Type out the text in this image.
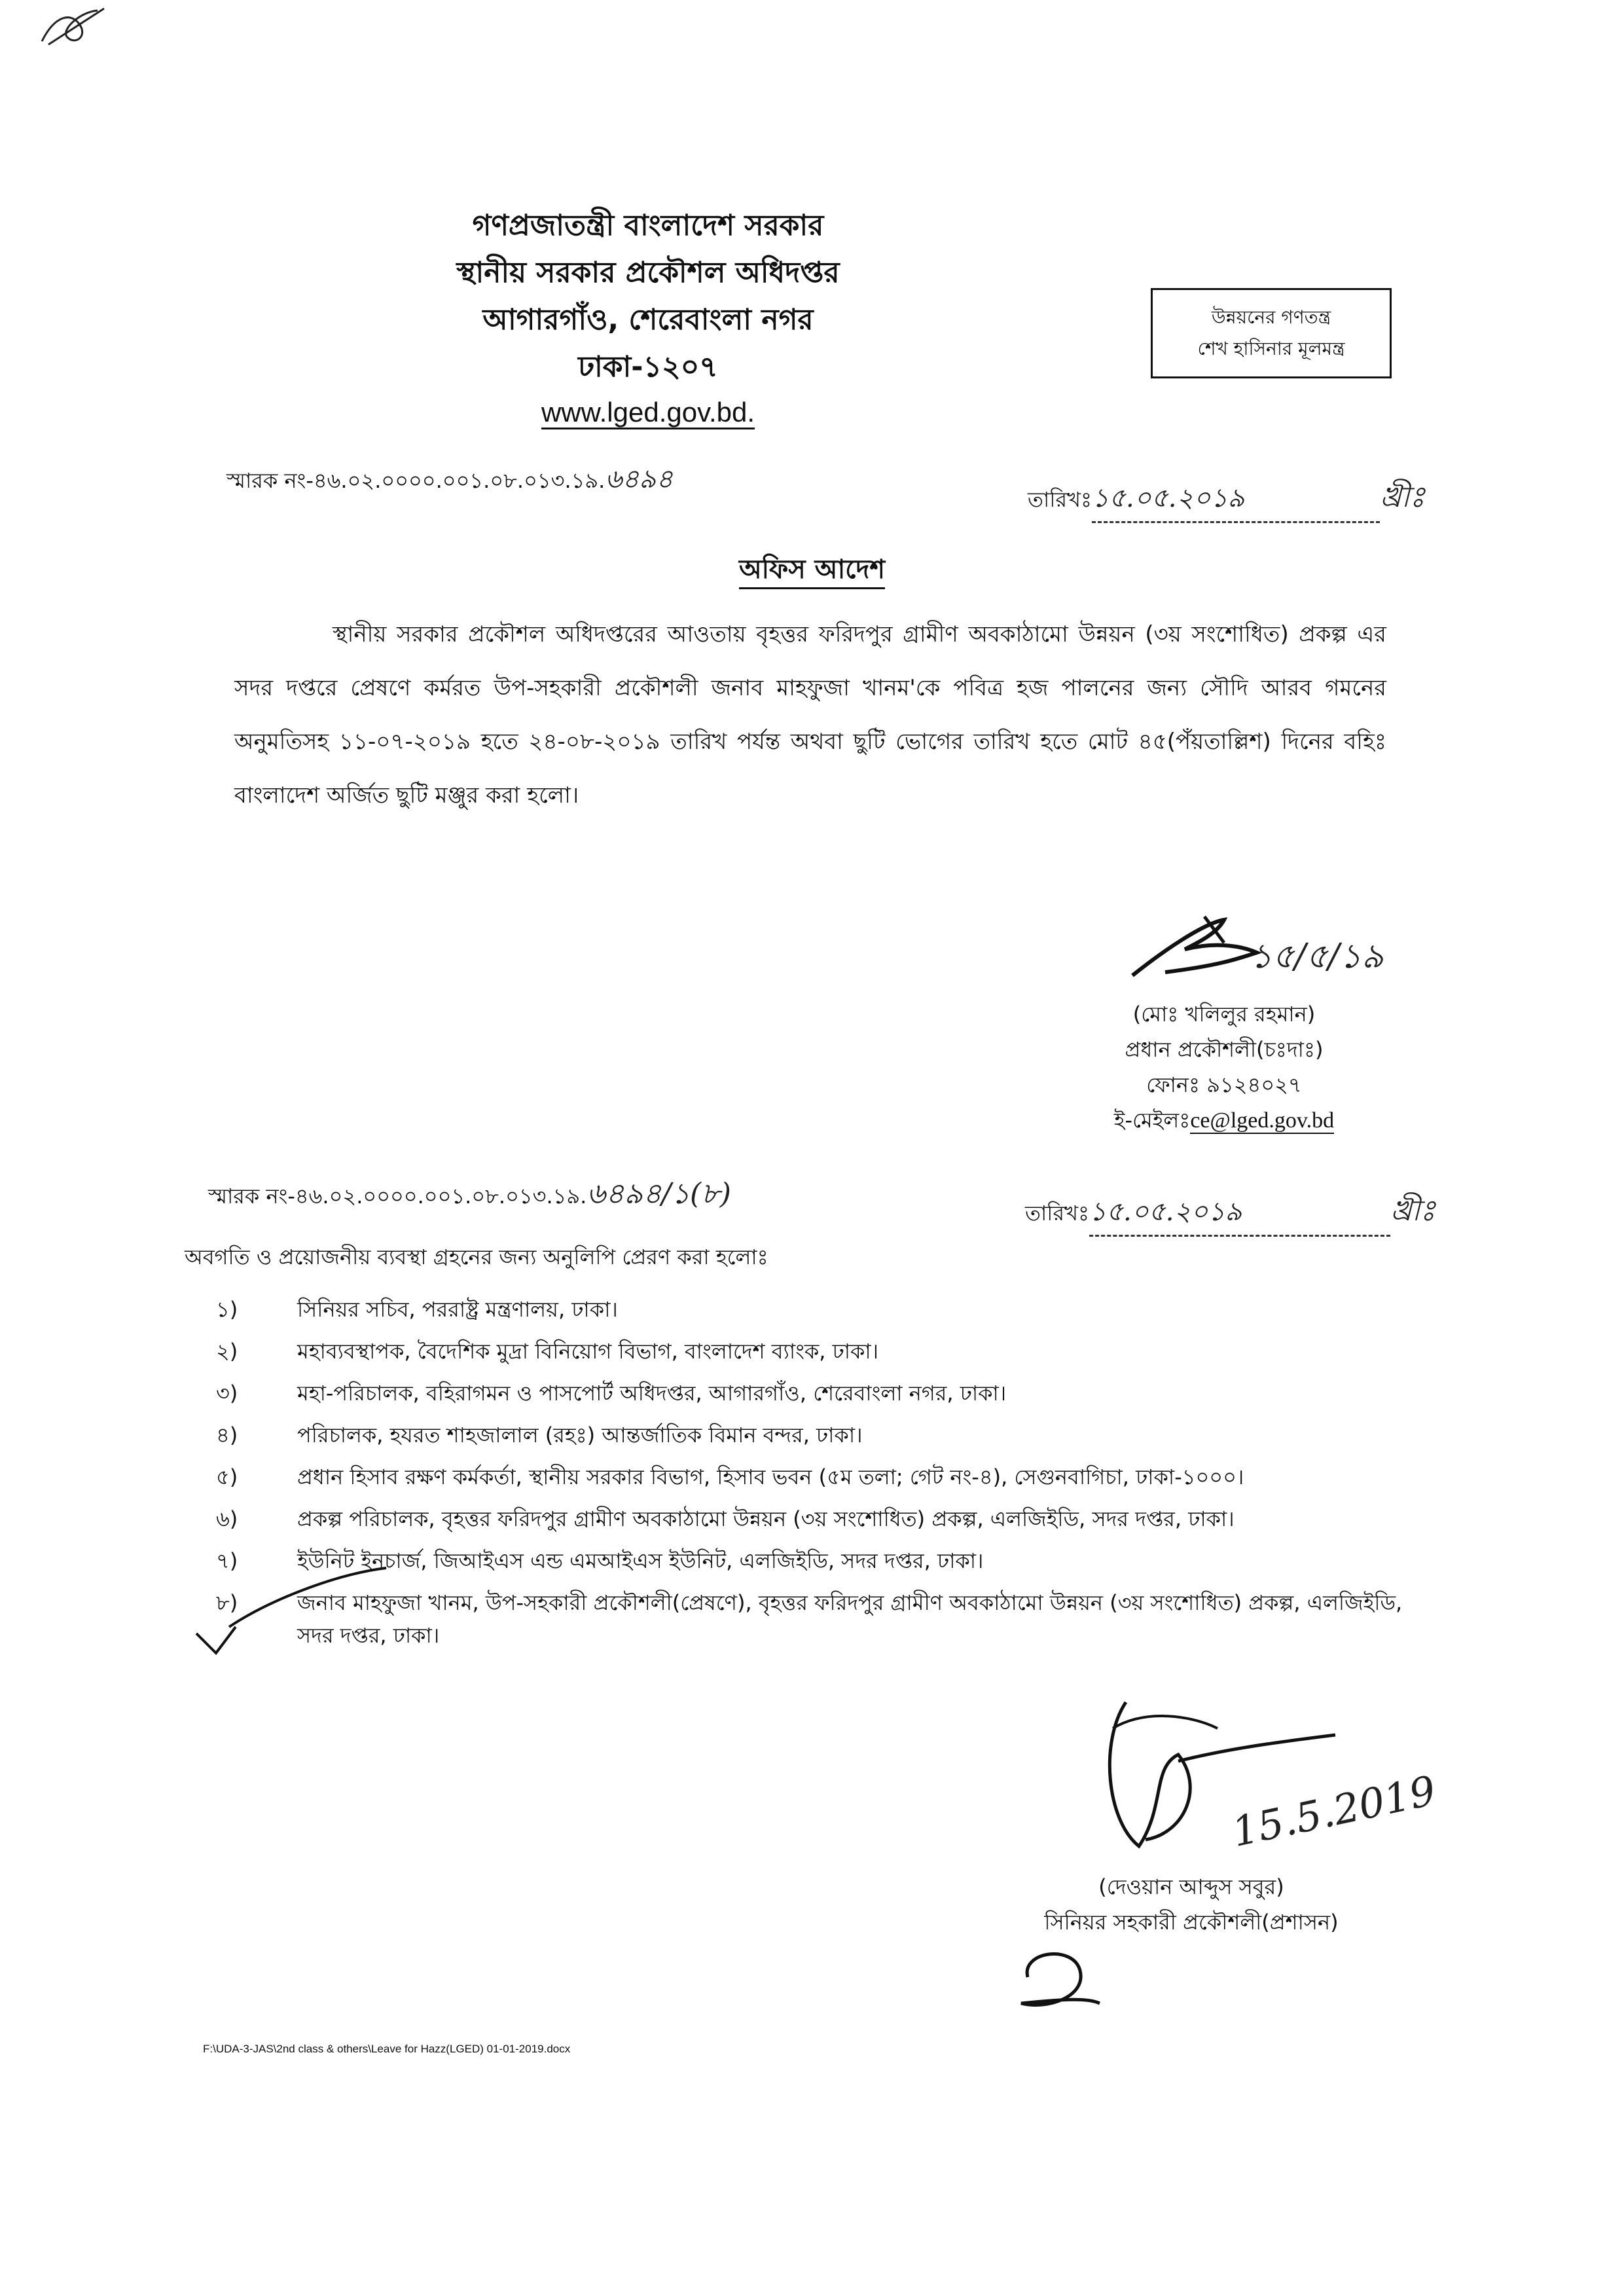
গণপ্রজাতন্ত্রী বাংলাদেশ সরকার
স্থানীয় সরকার প্রকৌশল অধিদপ্তর
আগারগাঁও, শেরেবাংলা নগর
ঢাকা-১২০৭
www.lged.gov.bd.
উন্নয়নের গণতন্ত্র
শেখ হাসিনার মূলমন্ত্র
স্মারক নং-৪৬.০২.০০০০.০০১.০৮.০১৩.১৯.৬৪৯৪
তারিখঃ১৫.০৫.২০১৯	খ্রীঃ
অফিস আদেশ
স্থানীয় সরকার প্রকৌশল অধিদপ্তরের আওতায় বৃহত্তর ফরিদপুর গ্রামীণ অবকাঠামো উন্নয়ন (৩য় সংশোধিত) প্রকল্প এর সদর দপ্তরে প্রেষণে কর্মরত উপ-সহকারী প্রকৌশলী জনাব মাহফুজা খানম'কে পবিত্র হজ পালনের জন্য সৌদি আরব গমনের অনুমতিসহ ১১-০৭-২০১৯ হতে ২৪-০৮-২০১৯ তারিখ পর্যন্ত অথবা ছুটি ভোগের তারিখ হতে মোট ৪৫(পঁয়তাল্লিশ) দিনের বহিঃ বাংলাদেশ অর্জিত ছুটি মঞ্জুর করা হলো।
১৫/৫/১৯
(মোঃ খলিলুর রহমান)
প্রধান প্রকৌশলী(চঃদাঃ)
ফোনঃ ৯১২৪০২৭
ই-মেইলঃce@lged.gov.bd
স্মারক নং-৪৬.০২.০০০০.০০১.০৮.০১৩.১৯.৬৪৯৪/১(৮)
তারিখঃ১৫.০৫.২০১৯	খ্রীঃ
অবগতি ও প্রয়োজনীয় ব্যবস্থা গ্রহনের জন্য অনুলিপি প্রেরণ করা হলোঃ
১)	সিনিয়র সচিব, পররাষ্ট্র মন্ত্রণালয়, ঢাকা।
২)	মহাব্যবস্থাপক, বৈদেশিক মুদ্রা বিনিয়োগ বিভাগ, বাংলাদেশ ব্যাংক, ঢাকা।
৩)	মহা-পরিচালক, বহিরাগমন ও পাসপোর্ট অধিদপ্তর, আগারগাঁও, শেরেবাংলা নগর, ঢাকা।
৪)	পরিচালক, হযরত শাহজালাল (রহঃ) আন্তর্জাতিক বিমান বন্দর, ঢাকা।
৫)	প্রধান হিসাব রক্ষণ কর্মকর্তা, স্থানীয় সরকার বিভাগ, হিসাব ভবন (৫ম তলা; গেট নং-৪), সেগুনবাগিচা, ঢাকা-১০০০।
৬)	প্রকল্প পরিচালক, বৃহত্তর ফরিদপুর গ্রামীণ অবকাঠামো উন্নয়ন (৩য় সংশোধিত) প্রকল্প, এলজিইডি, সদর দপ্তর, ঢাকা।
৭)	ইউনিট ইনচার্জ, জিআইএস এন্ড এমআইএস ইউনিট, এলজিইডি, সদর দপ্তর, ঢাকা।
৮)	জনাব মাহফুজা খানম, উপ-সহকারী প্রকৌশলী(প্রেষণে), বৃহত্তর ফরিদপুর গ্রামীণ অবকাঠামো উন্নয়ন (৩য় সংশোধিত) প্রকল্প, এলজিইডি, সদর দপ্তর, ঢাকা।
15.5.2019
(দেওয়ান আব্দুস সবুর)
সিনিয়র সহকারী প্রকৌশলী(প্রশাসন)
F:\UDA-3-JAS\2nd class & others\Leave for Hazz(LGED) 01-01-2019.docx
